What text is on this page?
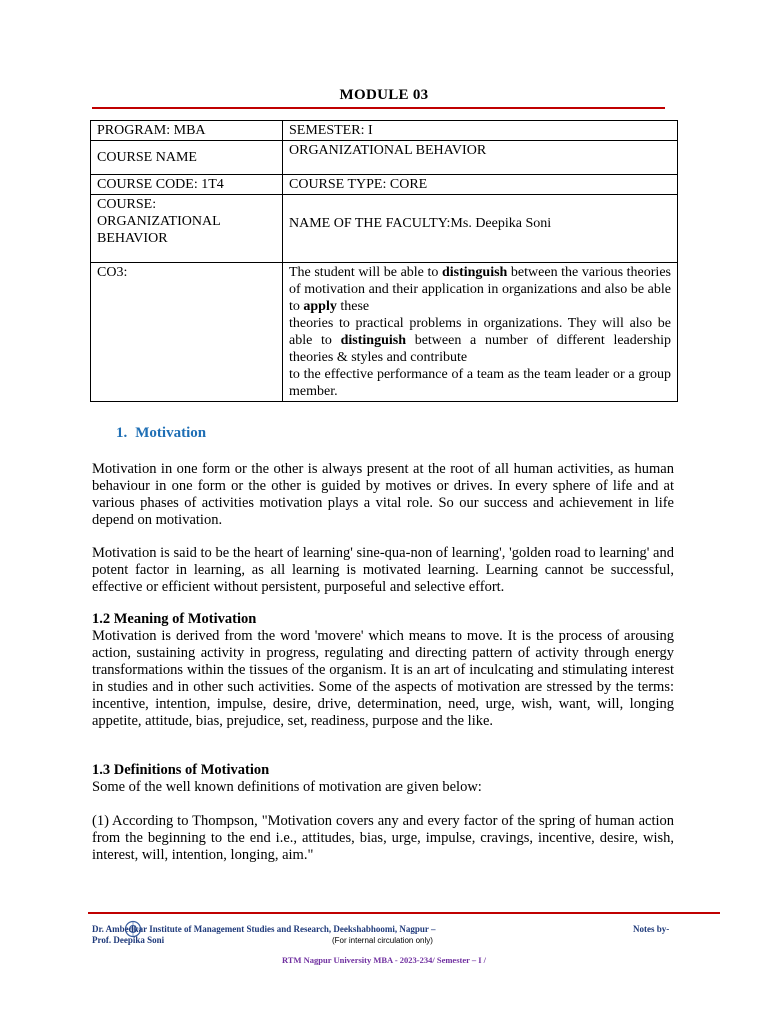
MODULE 03
PROGRAM: MBA	SEMESTER: I
COURSE NAME	ORGANIZATIONAL BEHAVIOR
COURSE CODE: 1T4	COURSE TYPE: CORE

COURSE:
ORGANIZATIONAL
BEHAVIOR	NAME OF THE FACULTY:Ms. Deepika Soni

CO3:	The student will be able to distinguish between the various theories of motivation and their application in organizations and also be able to apply these
theories to practical problems in organizations. They will also be able to distinguish between a number of different leadership theories & styles and contribute
to the effective performance of a team as the team leader or a group member.
1. Motivation
Motivation in one form or the other is always present at the root of all human activities, as human behaviour in one form or the other is guided by motives or drives. In every sphere of life and at various phases of activities motivation plays a vital role. So our success and achievement in life depend on motivation.
Motivation is said to be the heart of learning' sine-qua-non of learning', 'golden road to learning' and potent factor in learning, as all learning is motivated learning. Learning cannot be successful, effective or efficient without persistent, purposeful and selective effort.
1.2 Meaning of Motivation
Motivation is derived from the word 'movere' which means to move. It is the process of arousing action, sustaining activity in progress, regulating and directing pattern of activity through energy transformations within the tissues of the organism. It is an art of inculcating and stimulating interest in studies and in other such activities. Some of the aspects of motivation are stressed by the terms: incentive, intention, impulse, desire, drive, determination, need, urge, wish, want, will, longing appetite, attitude, bias, prejudice, set, readiness, purpose and the like.
1.3 Definitions of Motivation
Some of the well known definitions of motivation are given below:
(1) According to Thompson, "Motivation covers any and every factor of the spring of human action from the beginning to the end i.e., attitudes, bias, urge, impulse, cravings, incentive, desire, wish, interest, will, intention, longing, aim."
Dr. Ambedkar Institute of Management Studies and Research, Deekshabhoomi, Nagpur –
Prof. Deepika Soni
Notes by-
(For internal circulation only)
RTM Nagpur University MBA - 2023-234/ Semester – I /
